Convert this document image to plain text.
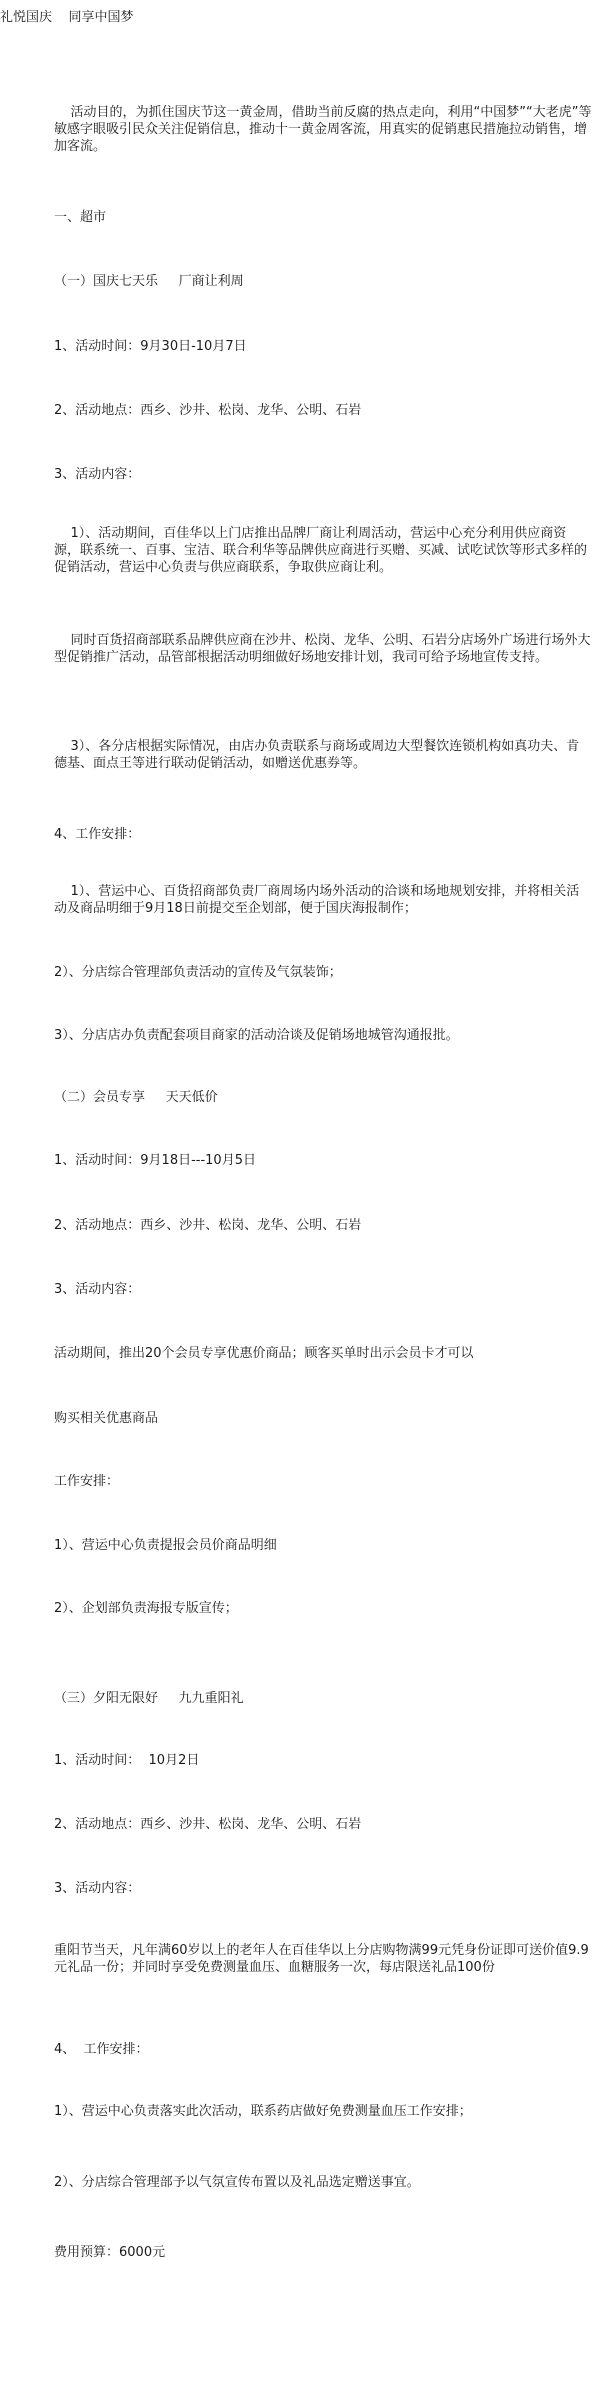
礼悦国庆    同享中国梦

活动目的，为抓住国庆节这一黄金周，借助当前反腐的热点走向，利用“中国梦”“大老虎”等敏感字眼吸引民众关注促销信息，推动十一黄金周客流，用真实的促销惠民措施拉动销售，增加客流。

一、超市

（一）国庆七天乐     厂商让利周

1、活动时间：9月30日-10月7日

2、活动地点：西乡、沙井、松岗、龙华、公明、石岩

3、活动内容：

1）、活动期间，百佳华以上门店推出品牌厂商让利周活动，营运中心充分利用供应商资源，联系统一、百事、宝洁、联合利华等品牌供应商进行买赠、买减、试吃试饮等形式多样的促销活动，营运中心负责与供应商联系，争取供应商让利。

同时百货招商部联系品牌供应商在沙井、松岗、龙华、公明、石岩分店场外广场进行场外大型促销推广活动，品管部根据活动明细做好场地安排计划，我司可给予场地宣传支持。

3）、各分店根据实际情况，由店办负责联系与商场或周边大型餐饮连锁机构如真功夫、肯德基、面点王等进行联动促销活动，如赠送优惠券等。

4、工作安排：

1）、营运中心、百货招商部负责厂商周场内场外活动的洽谈和场地规划安排，并将相关活动及商品明细于9月18日前提交至企划部，便于国庆海报制作；

2）、分店综合管理部负责活动的宣传及气氛装饰；

3）、分店店办负责配套项目商家的活动洽谈及促销场地城管沟通报批。

（二）会员专享     天天低价

1、活动时间：9月18日---10月5日

2、活动地点：西乡、沙井、松岗、龙华、公明、石岩

3、活动内容：

活动期间，推出20个会员专享优惠价商品；顾客买单时出示会员卡才可以

购买相关优惠商品

工作安排：

1）、营运中心负责提报会员价商品明细

2）、企划部负责海报专版宣传；

（三）夕阳无限好     九九重阳礼

1、活动时间：  10月2日

2、活动地点：西乡、沙井、松岗、龙华、公明、石岩

3、活动内容：

重阳节当天，凡年满60岁以上的老年人在百佳华以上分店购物满99元凭身份证即可送价值9.9元礼品一份；并同时享受免费测量血压、血糖服务一次，每店限送礼品100份

4、  工作安排：

1）、营运中心负责落实此次活动，联系药店做好免费测量血压工作安排；

2）、分店综合管理部予以气氛宣传布置以及礼品选定赠送事宜。

费用预算：6000元
